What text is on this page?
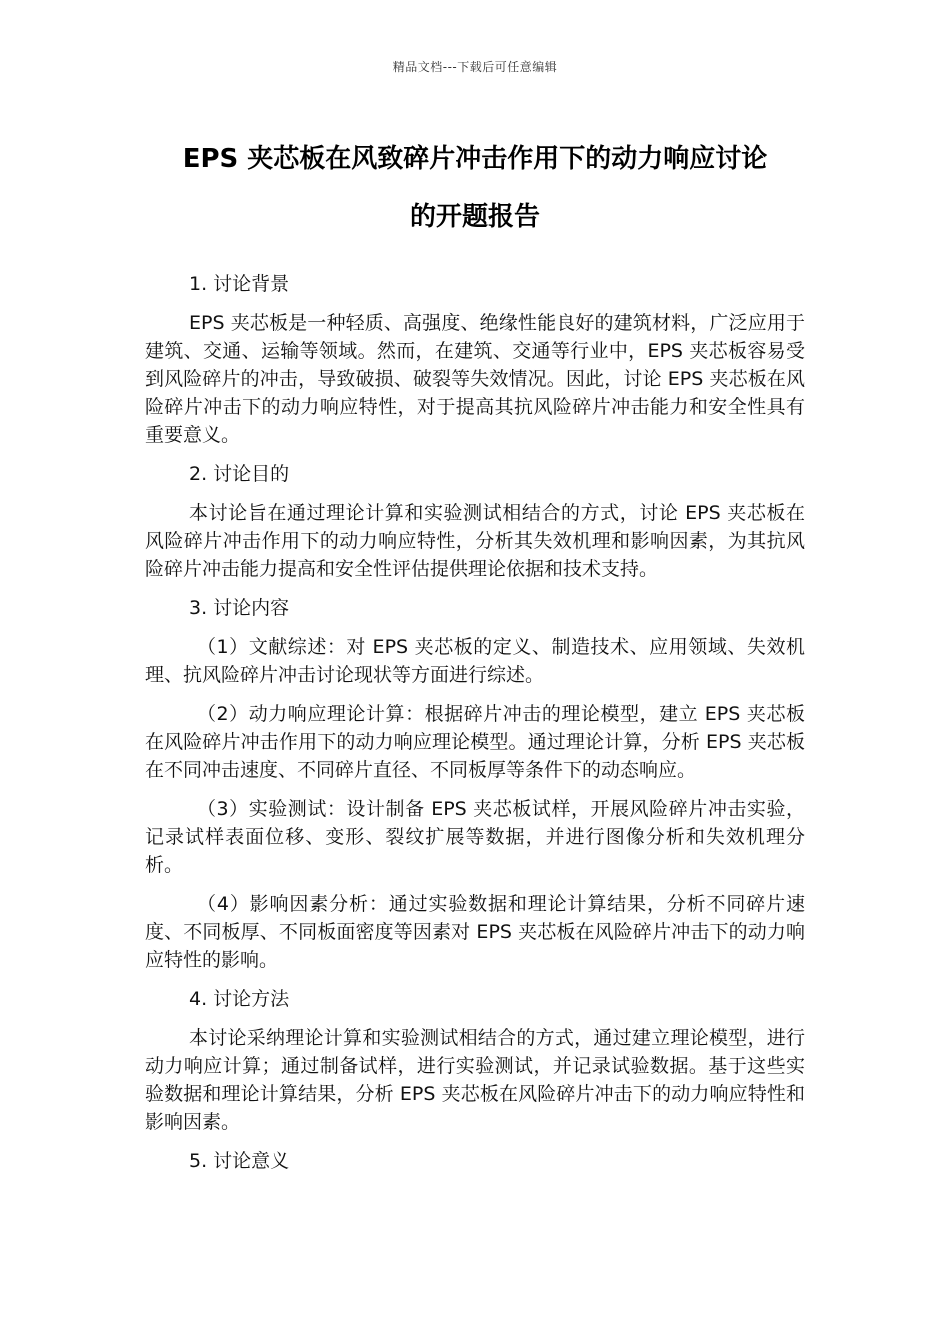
精品文档---下载后可任意编辑
EPS 夹芯板在风致碎片冲击作用下的动力响应讨论
的开题报告
1. 讨论背景

EPS 夹芯板是一种轻质、高强度、绝缘性能良好的建筑材料，广泛应用于建筑、交通、运输等领域。然而，在建筑、交通等行业中，EPS 夹芯板容易受到风险碎片的冲击，导致破损、破裂等失效情况。因此，讨论 EPS 夹芯板在风险碎片冲击下的动力响应特性，对于提高其抗风险碎片冲击能力和安全性具有重要意义。

2. 讨论目的

本讨论旨在通过理论计算和实验测试相结合的方式，讨论 EPS 夹芯板在风险碎片冲击作用下的动力响应特性，分析其失效机理和影响因素，为其抗风险碎片冲击能力提高和安全性评估提供理论依据和技术支持。

3. 讨论内容

（1）文献综述：对 EPS 夹芯板的定义、制造技术、应用领域、失效机理、抗风险碎片冲击讨论现状等方面进行综述。

（2）动力响应理论计算：根据碎片冲击的理论模型，建立 EPS 夹芯板在风险碎片冲击作用下的动力响应理论模型。通过理论计算，分析 EPS 夹芯板在不同冲击速度、不同碎片直径、不同板厚等条件下的动态响应。

（3）实验测试：设计制备 EPS 夹芯板试样，开展风险碎片冲击实验，记录试样表面位移、变形、裂纹扩展等数据，并进行图像分析和失效机理分析。

（4）影响因素分析：通过实验数据和理论计算结果，分析不同碎片速度、不同板厚、不同板面密度等因素对 EPS 夹芯板在风险碎片冲击下的动力响应特性的影响。

4. 讨论方法

本讨论采纳理论计算和实验测试相结合的方式，通过建立理论模型，进行动力响应计算；通过制备试样，进行实验测试，并记录试验数据。基于这些实验数据和理论计算结果，分析 EPS 夹芯板在风险碎片冲击下的动力响应特性和影响因素。

5. 讨论意义
